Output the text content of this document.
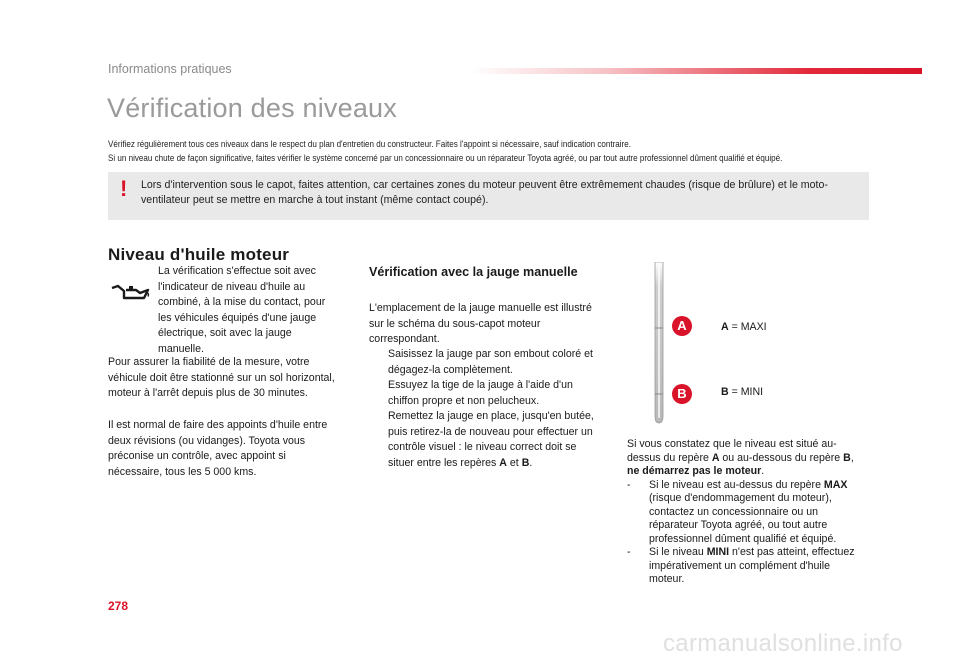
Informations pratiques
Vérification des niveaux

Vérifiez régulièrement tous ces niveaux dans le respect du plan d'entretien du constructeur. Faites l'appoint si nécessaire, sauf indication contraire.

Si un niveau chute de façon significative, faites vérifier le système concerné par un concessionnaire ou un réparateur Toyota agréé, ou par tout autre professionnel dûment qualifié et équipé.

! Lors d'intervention sous le capot, faites attention, car certaines zones du moteur peuvent être extrêmement chaudes (risque de brûlure) et le moto-ventilateur peut se mettre en marche à tout instant (même contact coupé).

Niveau d'huile moteur

La vérification s'effectue soit avec l'indicateur de niveau d'huile au combiné, à la mise du contact, pour les véhicules équipés d'une jauge électrique, soit avec la jauge manuelle.

Pour assurer la fiabilité de la mesure, votre véhicule doit être stationné sur un sol horizontal, moteur à l'arrêt depuis plus de 30 minutes.

Il est normal de faire des appoints d'huile entre deux révisions (ou vidanges). Toyota vous préconise un contrôle, avec appoint si nécessaire, tous les 5 000 kms.

Vérification avec la jauge manuelle

L'emplacement de la jauge manuelle est illustré sur le schéma du sous-capot moteur correspondant.

Saisissez la jauge par son embout coloré et dégagez-la complètement.
Essuyez la tige de la jauge à l'aide d'un chiffon propre et non pelucheux.
Remettez la jauge en place, jusqu'en butée, puis retirez-la de nouveau pour effectuer un contrôle visuel : le niveau correct doit se situer entre les repères A et B.
A
B
A = MAXI
B = MINI

Si vous constatez que le niveau est situé au-dessus du repère A ou au-dessous du repère B, ne démarrez pas le moteur.

- Si le niveau est au-dessus du repère MAX (risque d'endommagement du moteur), contactez un concessionnaire ou un réparateur Toyota agréé, ou tout autre professionnel dûment qualifié et équipé.
- Si le niveau MINI n'est pas atteint, effectuez impérativement un complément d'huile moteur.
278
carmanualsonline.info
